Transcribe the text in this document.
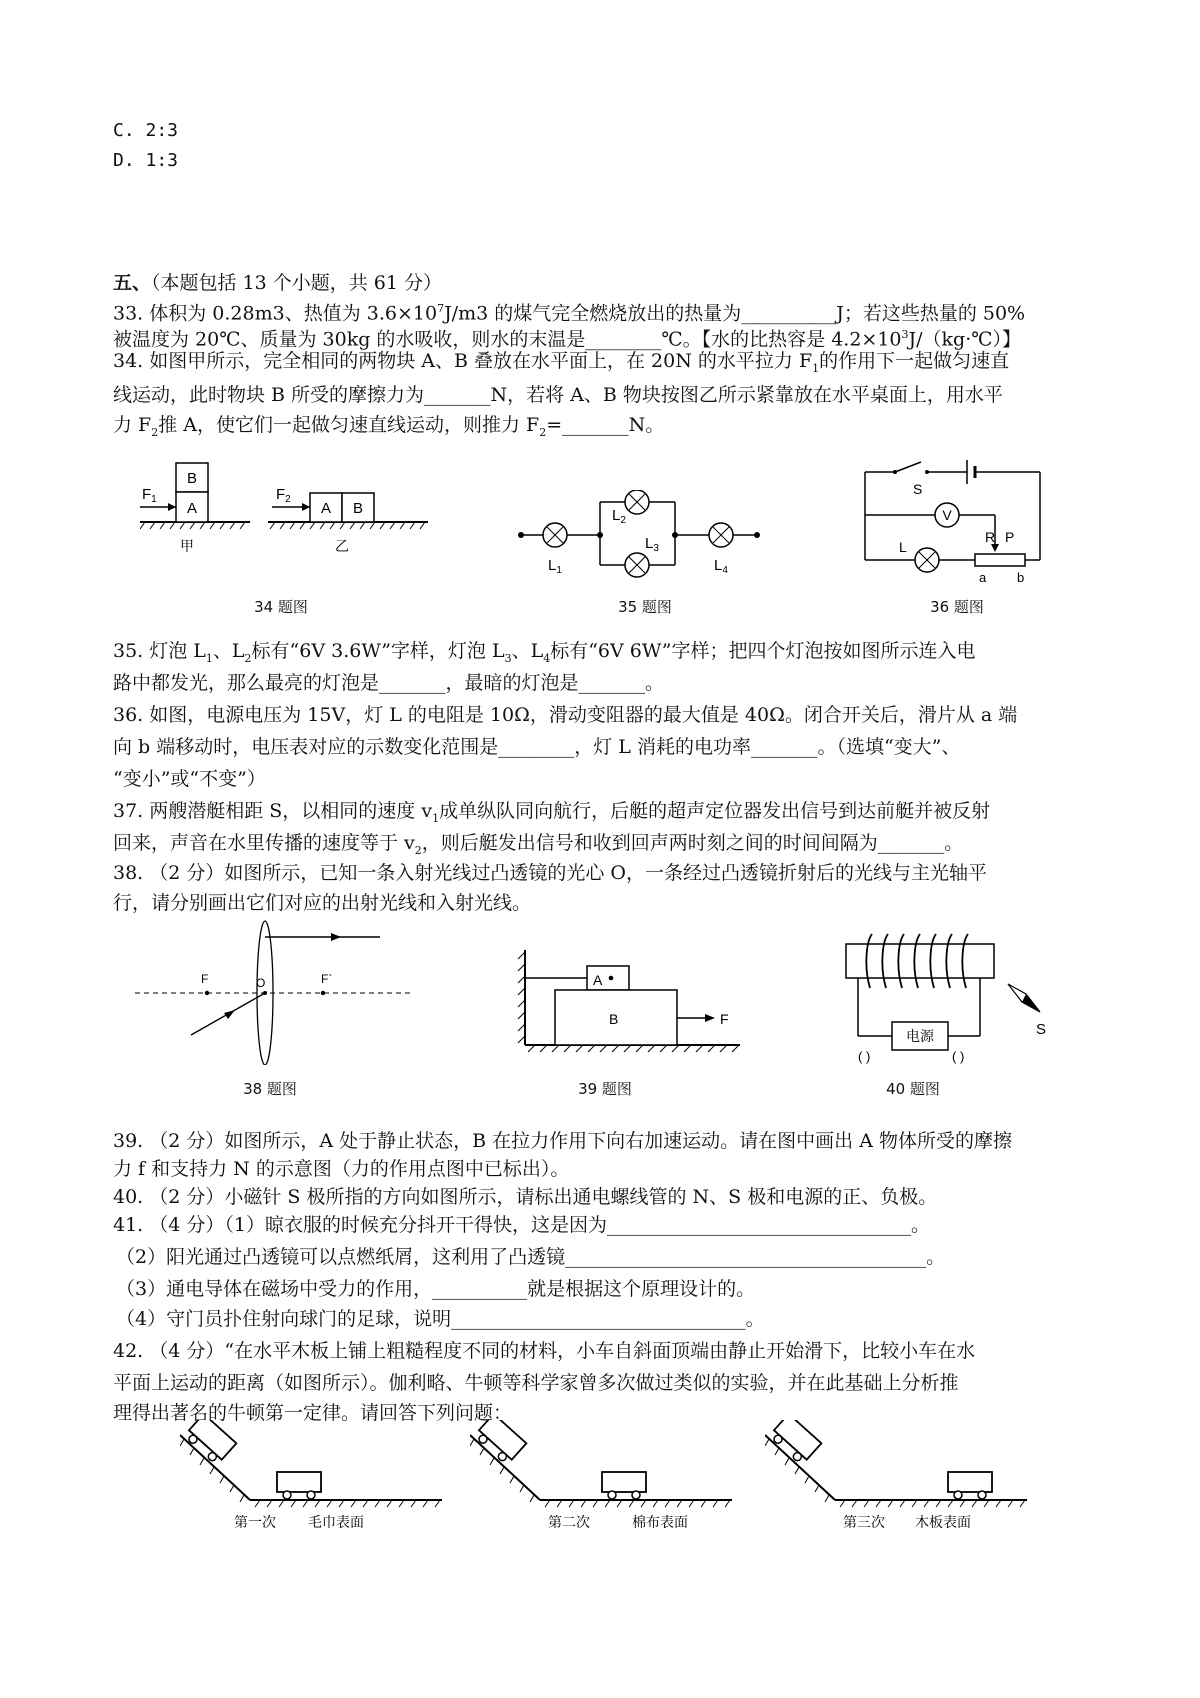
C. 2:3
D. 1:3
五、（本题包括 13 个小题，共 61 分）
33. 体积为 0.28m3、热值为 $3.6\times 10^7J/m3$ 的煤气完全燃烧放出的热量为__________J；若这些热量的 50%
被温度为 20℃、质量为 30kg 的水吸收，则水的末温是________℃。【水的比热容是 $4.2\times 10^3J/(kg\cdot℃)$】
34. 如图甲所示，完全相同的两物块 A、B 叠放在水平面上，在 20N 的水平拉力 $F_1$的作用下一起做匀速直
线运动，此时物块 B 所受的摩擦力为_______N，若将 A、B 物块按图乙所示紧靠放在水平桌面上，用水平
力 $F_2$推 A，使它们一起做匀速直线运动，则推力 $F_2=\_\_\_\_\_\_\_N$。
B
A
$F_1$
甲
A B
$F_2$
乙
34 题图
$L_1$
$L_2$
$L_3$
$L_4$
35 题图
S
V
L
R P
a b
36 题图
35. 灯泡 $L_1$、$L_2$标有“6V 3.6W”字样，灯泡 $L_3$、$L_4$标有“6V 6W”字样；把四个灯泡按如图所示连入电
路中都发光，那么最亮的灯泡是_______，最暗的灯泡是_______。
36. 如图，电源电压为 15V，灯 L 的电阻是 10Ω，滑动变阻器的最大值是 40Ω。闭合开关后，滑片从 a 端
向 b 端移动时，电压表对应的示数变化范围是________，灯 L 消耗的电功率_______。（选填“变大”、
“变小”或“不变”）
37. 两艘潜艇相距 S，以相同的速度 $v_1$成单纵队同向航行，后艇的超声定位器发出信号到达前艇并被反射
回来，声音在水里传播的速度等于 $v_2$，则后艇发出信号和收到回声两时刻之间的时间间隔为_______。
38. （2 分）如图所示，已知一条入射光线过凸透镜的光心 O，一条经过凸透镜折射后的光线与主光轴平
行，请分别画出它们对应的出射光线和入射光线。
F	O	F`
38 题图
A
B	F
39 题图
电源
( )	( )
S
40 题图
39. （2 分）如图所示，A 处于静止状态，B 在拉力作用下向右加速运动。请在图中画出 A 物体所受的摩擦
力 f 和支持力 N 的示意图（力的作用点图中已标出）。
40. （2 分）小磁针 S 极所指的方向如图所示，请标出通电螺线管的 N、S 极和电源的正、负极。
41. （4 分）（1）晾衣服的时候充分抖开干得快，这是因为________________________________。
（2）阳光通过凸透镜可以点燃纸屑，这利用了凸透镜______________________________________。
（3）通电导体在磁场中受力的作用，__________就是根据这个原理设计的。
（4）守门员扑住射向球门的足球，说明_______________________________。
42. （4 分）“在水平木板上铺上粗糙程度不同的材料，小车自斜面顶端由静止开始滑下，比较小车在水
平面上运动的距离（如图所示）。伽利略、牛顿等科学家曾多次做过类似的实验，并在此基础上分析推
理得出著名的牛顿第一定律。请回答下列问题：
第一次 毛巾表面	第二次	棉布表面	第三次 木板表面
